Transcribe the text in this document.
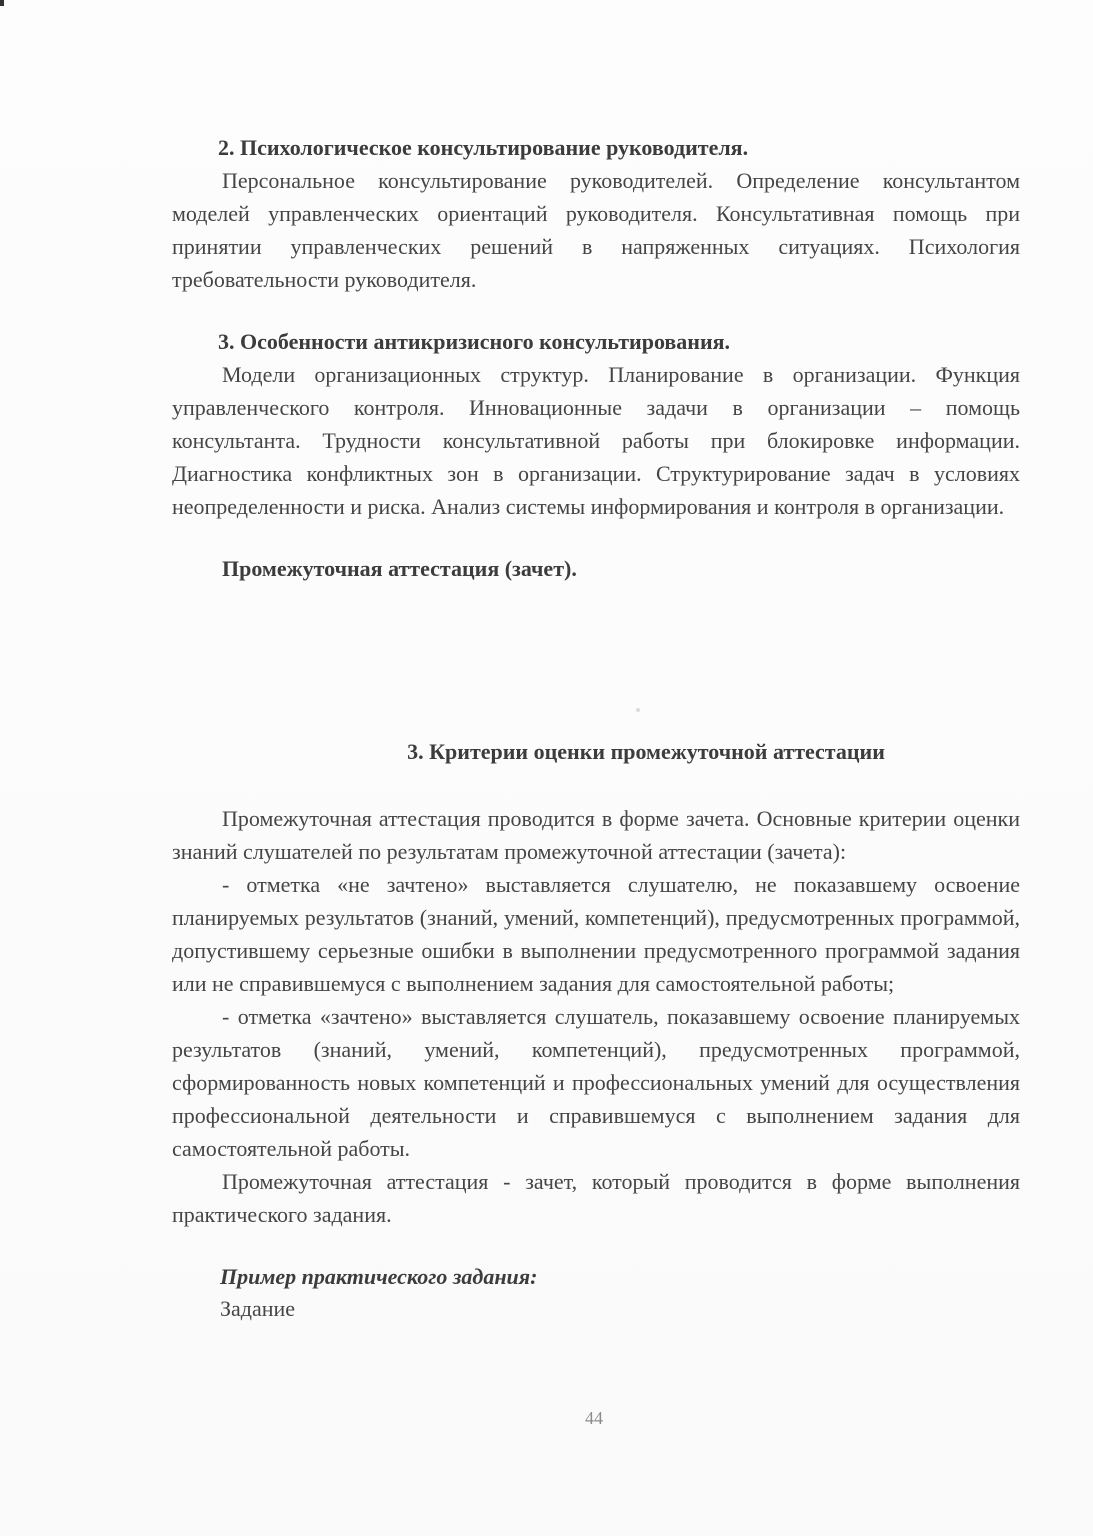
2. Психологическое консультирование руководителя.

Персональное консультирование руководителей. Определение консультантом моделей управленческих ориентаций руководителя. Консультативная помощь при принятии управленческих решений в напряженных ситуациях. Психология требовательности руководителя.

3. Особенности антикризисного консультирования.

Модели организационных структур. Планирование в организации. Функция управленческого контроля. Инновационные задачи в организации – помощь консультанта. Трудности консультативной работы при блокировке информации. Диагностика конфликтных зон в организации. Структурирование задач в условиях неопределенности и риска. Анализ системы информирования и контроля в организации.

Промежуточная аттестация (зачет).

3. Критерии оценки промежуточной аттестации

Промежуточная аттестация проводится в форме зачета. Основные критерии оценки знаний слушателей по результатам промежуточной аттестации (зачета):

- отметка «не зачтено» выставляется слушателю, не показавшему освоение планируемых результатов (знаний, умений, компетенций), предусмотренных программой, допустившему серьезные ошибки в выполнении предусмотренного программой задания или не справившемуся с выполнением задания для самостоятельной работы;

- отметка «зачтено» выставляется слушатель, показавшему освоение планируемых результатов (знаний, умений, компетенций), предусмотренных программой, сформированность новых компетенций и профессиональных умений для осуществления профессиональной деятельности и справившемуся с выполнением задания для самостоятельной работы.

Промежуточная аттестация - зачет, который проводится в форме выполнения практического задания.

Пример практического задания:

Задание

44
